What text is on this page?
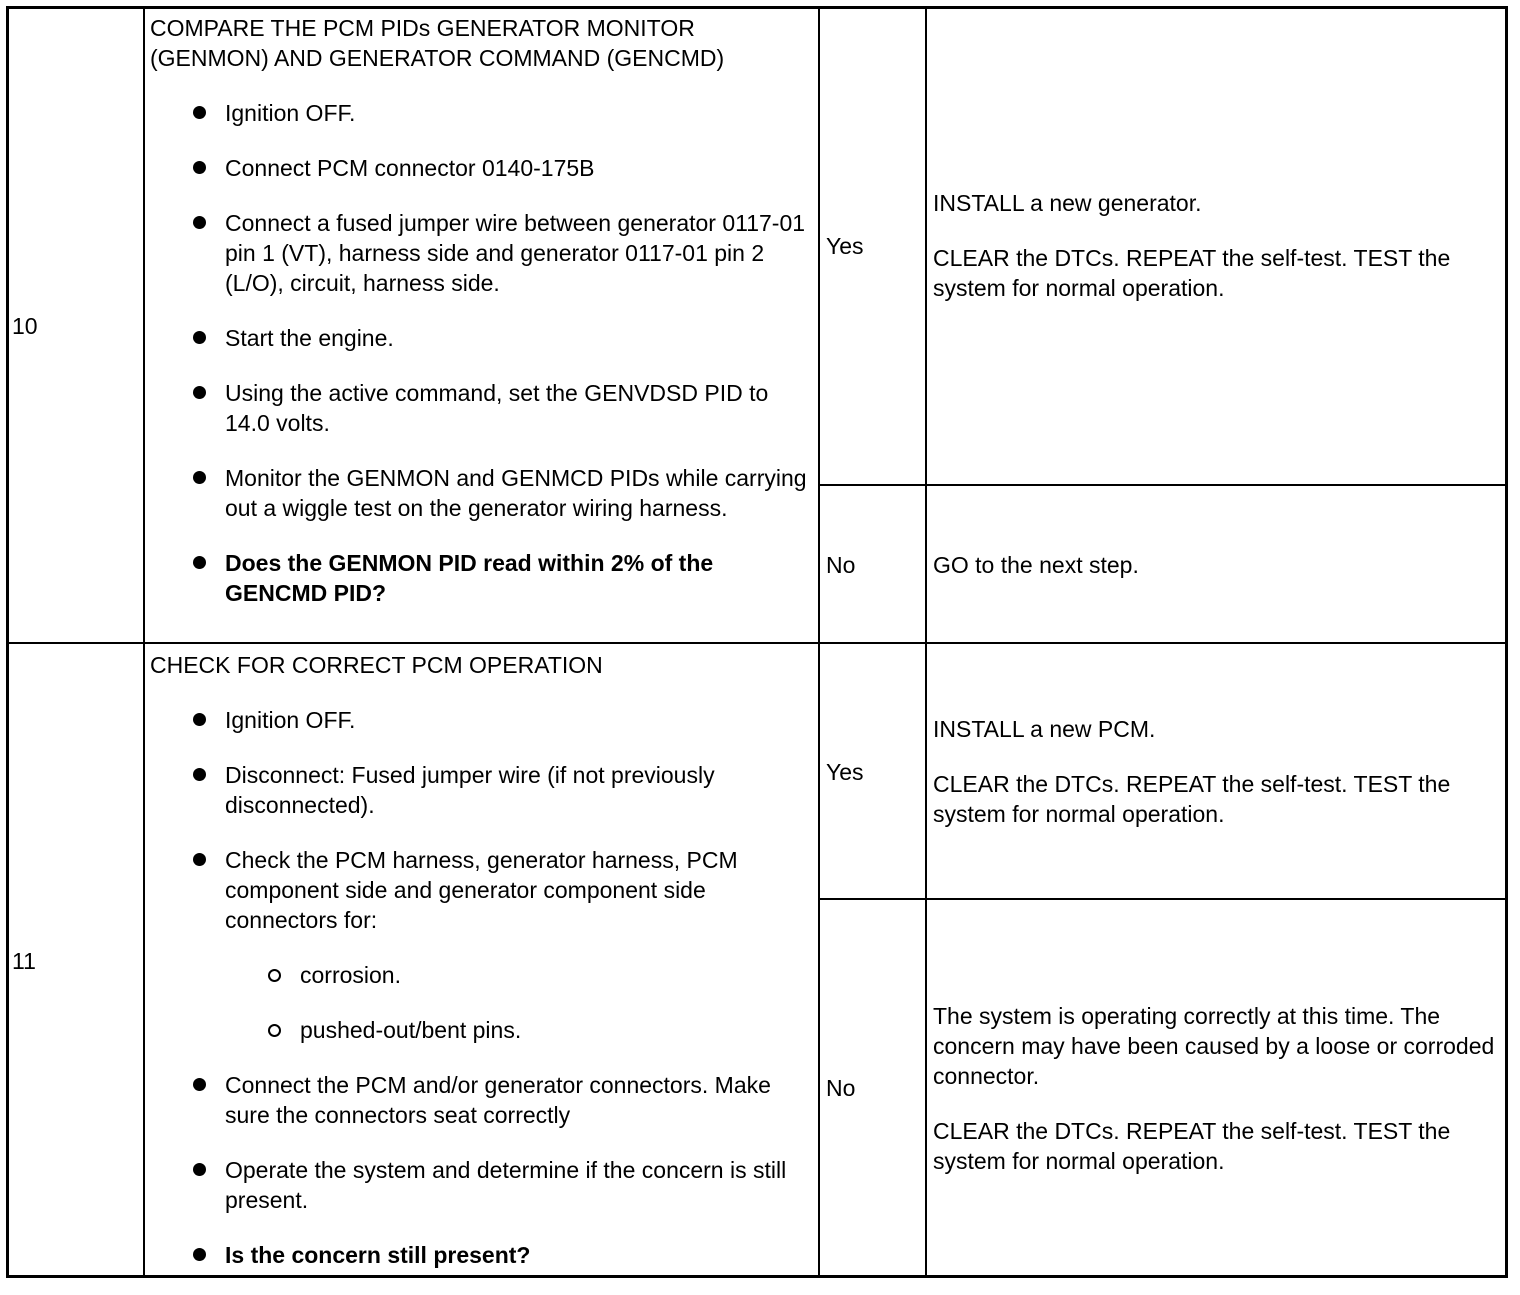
10
COMPARE THE PCM PIDs GENERATOR MONITOR (GENMON) AND GENERATOR COMMAND (GENCMD)
Ignition OFF.
Connect PCM connector 0140-175B
Connect a fused jumper wire between generator 0117-01 pin 1 (VT), harness side and generator 0117-01 pin 2 (L/O), circuit, harness side.
Start the engine.
Using the active command, set the GENVDSD PID to 14.0 volts.
Monitor the GENMON and GENMCD PIDs while carrying out a wiggle test on the generator wiring harness.
Does the GENMON PID read within 2% of the GENCMD PID?
Yes

INSTALL a new generator.

CLEAR the DTCs. REPEAT the self-test. TEST the system for normal operation.

No	GO to the next step.

11
CHECK FOR CORRECT PCM OPERATION
Ignition OFF.
Disconnect: Fused jumper wire (if not previously disconnected).
Check the PCM harness, generator harness, PCM component side and generator component side connectors for:
corrosion.
pushed-out/bent pins.
Connect the PCM and/or generator connectors. Make sure the connectors seat correctly
Operate the system and determine if the concern is still present.
Is the concern still present?
Yes

INSTALL a new PCM.

CLEAR the DTCs. REPEAT the self-test. TEST the system for normal operation.

No

The system is operating correctly at this time. The concern may have been caused by a loose or corroded connector.

CLEAR the DTCs. REPEAT the self-test. TEST the system for normal operation.
